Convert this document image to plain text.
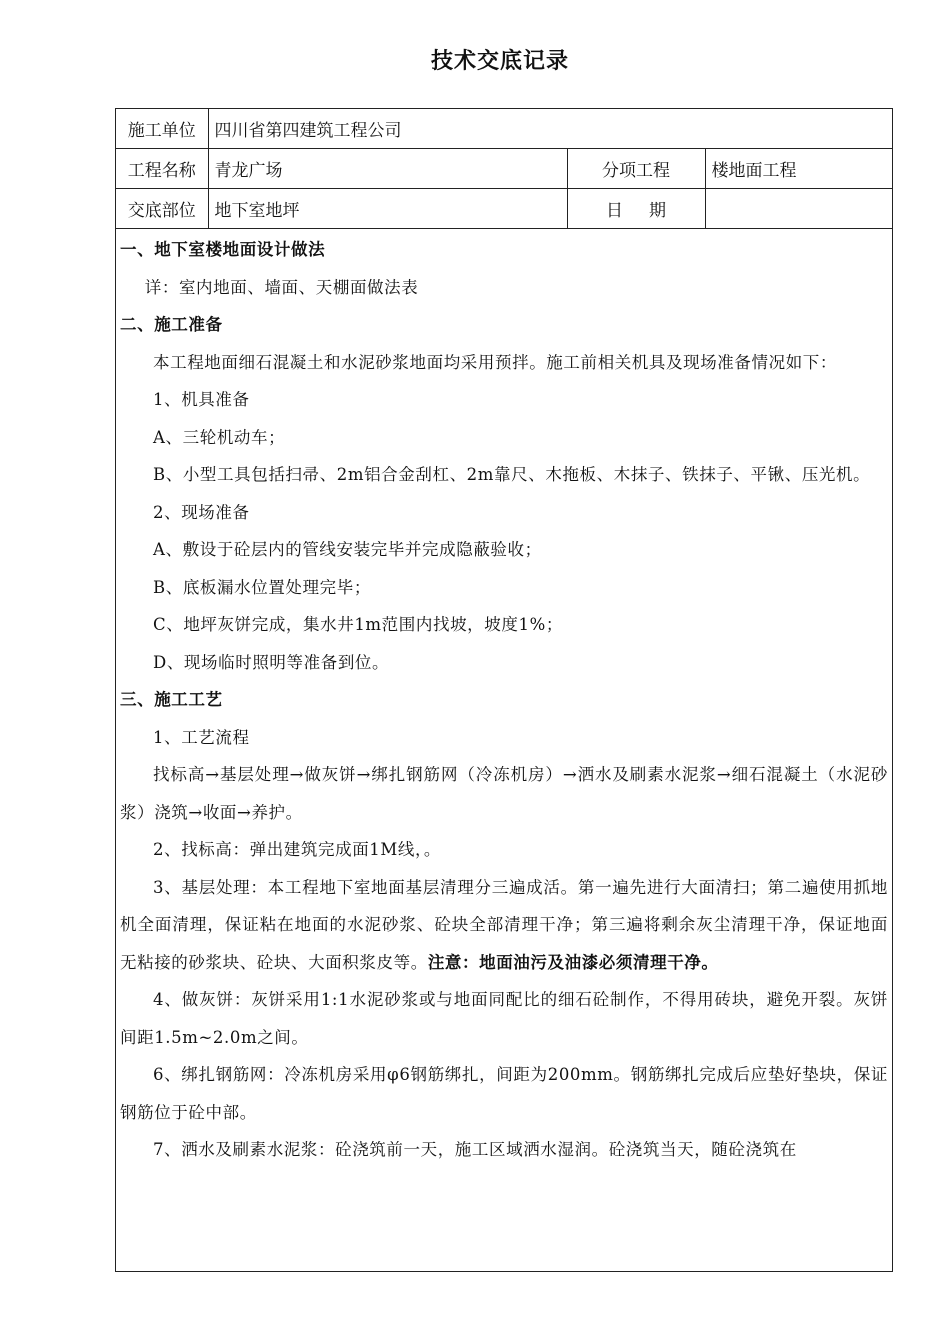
技术交底记录
施工单位	四川省第四建筑工程公司		
工程名称	青龙广场	分项工程	楼地面工程
交底部位	地下室地坪	日期	

一、地下室楼地面设计做法

详：室内地面、墙面、天棚面做法表

二、施工准备

本工程地面细石混凝土和水泥砂浆地面均采用预拌。施工前相关机具及现场准备情况如下：

1、机具准备

A、三轮机动车；

B、小型工具包括扫帚、2m铝合金刮杠、2m靠尺、木拖板、木抹子、铁抹子、平锹、压光机。

2、现场准备

A、敷设于砼层内的管线安装完毕并完成隐蔽验收；

B、底板漏水位置处理完毕；

C、地坪灰饼完成，集水井1m范围内找坡，坡度1%；

D、现场临时照明等准备到位。

三、施工工艺

1、工艺流程

找标高→基层处理→做灰饼→绑扎钢筋网（冷冻机房）→洒水及刷素水泥浆→细石混凝土（水泥砂浆）浇筑→收面→养护。

2、找标高：弹出建筑完成面1M线，。

3、基层处理：本工程地下室地面基层清理分三遍成活。第一遍先进行大面清扫；第二遍使用抓地机全面清理，保证粘在地面的水泥砂浆、砼块全部清理干净；第三遍将剩余灰尘清理干净，保证地面无粘接的砂浆块、砼块、大面积浆皮等。注意：地面油污及油漆必须清理干净。

4、做灰饼：灰饼采用1:1水泥砂浆或与地面同配比的细石砼制作，不得用砖块，避免开裂。灰饼间距1.5m~2.0m之间。

6、绑扎钢筋网：冷冻机房采用φ6钢筋绑扎，间距为200mm。钢筋绑扎完成后应垫好垫块，保证钢筋位于砼中部。

7、洒水及刷素水泥浆：砼浇筑前一天，施工区域洒水湿润。砼浇筑当天，随砼浇筑在
